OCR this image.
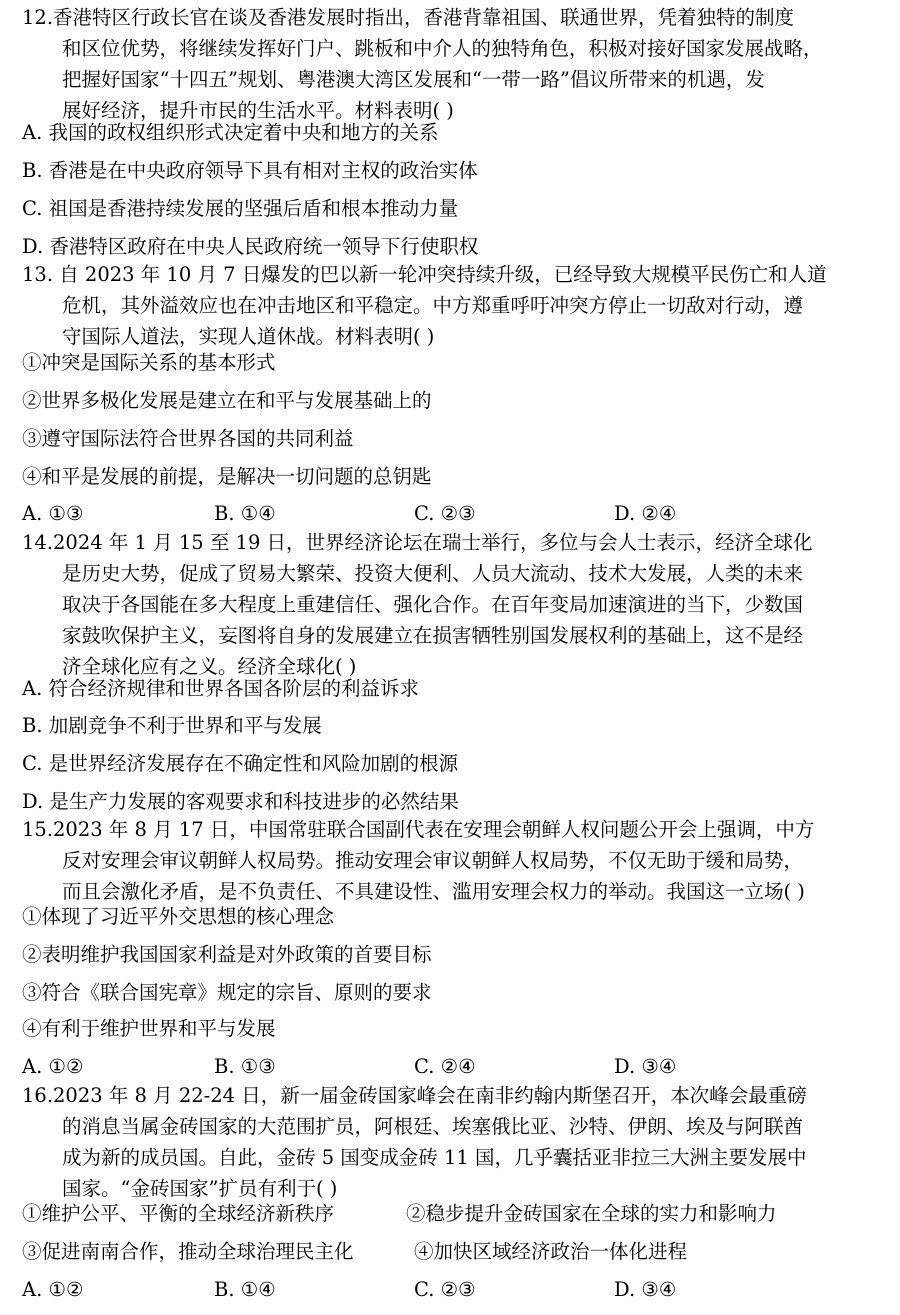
12.香港特区行政长官在谈及香港发展时指出，香港背靠祖国、联通世界，凭着独特的制度
和区位优势，将继续发挥好门户、跳板和中介人的独特角色，积极对接好国家发展战略，
把握好国家“十四五”规划、粤港澳大湾区发展和“一带一路”倡议所带来的机遇，发
展好经济，提升市民的生活水平。材料表明( )
A. 我国的政权组织形式决定着中央和地方的关系
B. 香港是在中央政府领导下具有相对主权的政治实体
C. 祖国是香港持续发展的坚强后盾和根本推动力量
D. 香港特区政府在中央人民政府统一领导下行使职权
13. 自 2023 年 10 月 7 日爆发的巴以新一轮冲突持续升级，已经导致大规模平民伤亡和人道
危机，其外溢效应也在冲击地区和平稳定。中方郑重呼吁冲突方停止一切敌对行动，遵
守国际人道法，实现人道休战。材料表明( )
①冲突是国际关系的基本形式
②世界多极化发展是建立在和平与发展基础上的
③遵守国际法符合世界各国的共同利益
④和平是发展的前提，是解决一切问题的总钥匙
A. ①③	B. ①④	C. ②③	D. ②④
14.2024 年 1 月 15 至 19 日，世界经济论坛在瑞士举行，多位与会人士表示，经济全球化
是历史大势，促成了贸易大繁荣、投资大便利、人员大流动、技术大发展，人类的未来
取决于各国能在多大程度上重建信任、强化合作。在百年变局加速演进的当下，少数国
家鼓吹保护主义，妄图将自身的发展建立在损害牺牲别国发展权利的基础上，这不是经
济全球化应有之义。经济全球化( )
A. 符合经济规律和世界各国各阶层的利益诉求
B. 加剧竞争不利于世界和平与发展
C. 是世界经济发展存在不确定性和风险加剧的根源
D. 是生产力发展的客观要求和科技进步的必然结果
15.2023 年 8 月 17 日，中国常驻联合国副代表在安理会朝鲜人权问题公开会上强调，中方
反对安理会审议朝鲜人权局势。推动安理会审议朝鲜人权局势，不仅无助于缓和局势，
而且会激化矛盾，是不负责任、不具建设性、滥用安理会权力的举动。我国这一立场( )
①体现了习近平外交思想的核心理念
②表明维护我国国家利益是对外政策的首要目标
③符合《联合国宪章》规定的宗旨、原则的要求
④有利于维护世界和平与发展
A. ①②	B. ①③	C. ②④	D. ③④
16.2023 年 8 月 22-24 日，新一届金砖国家峰会在南非约翰内斯堡召开，本次峰会最重磅
的消息当属金砖国家的大范围扩员，阿根廷、埃塞俄比亚、沙特、伊朗、埃及与阿联酋
成为新的成员国。自此，金砖 5 国变成金砖 11 国，几乎囊括亚非拉三大洲主要发展中
国家。“金砖国家”扩员有利于( )
①维护公平、平衡的全球经济新秩序	②稳步提升金砖国家在全球的实力和影响力
③促进南南合作，推动全球治理民主化	④加快区域经济政治一体化进程
A. ①②	B. ①④	C. ②③	D. ③④
